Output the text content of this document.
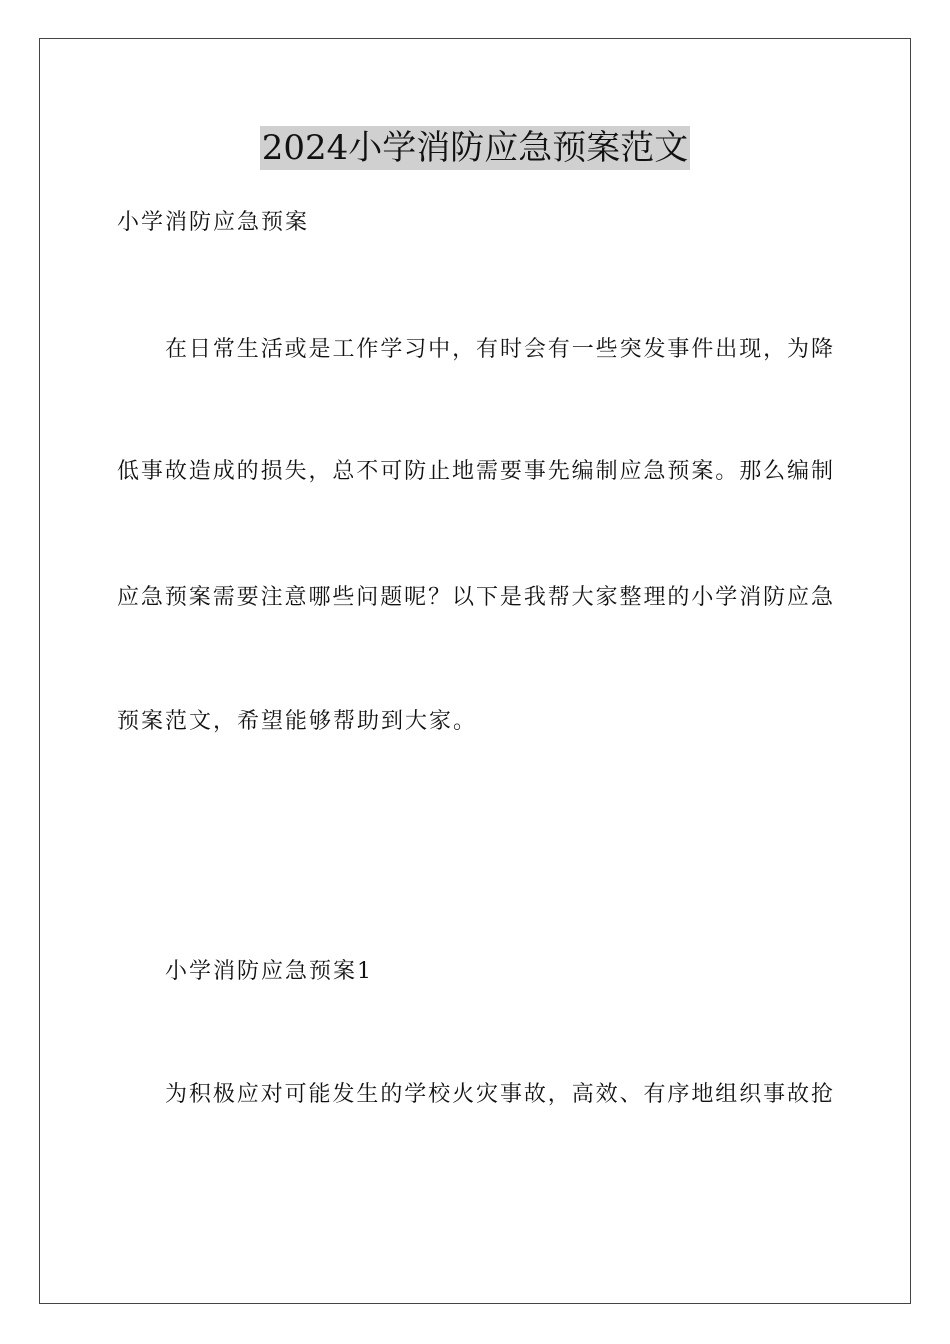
2024小学消防应急预案范文
小学消防应急预案
在日常生活或是工作学习中，有时会有一些突发事件出现，为降
低事故造成的损失，总不可防止地需要事先编制应急预案。那么编制
应急预案需要注意哪些问题呢？以下是我帮大家整理的小学消防应急
预案范文，希望能够帮助到大家。
小学消防应急预案1
为积极应对可能发生的学校火灾事故，高效、有序地组织事故抢
